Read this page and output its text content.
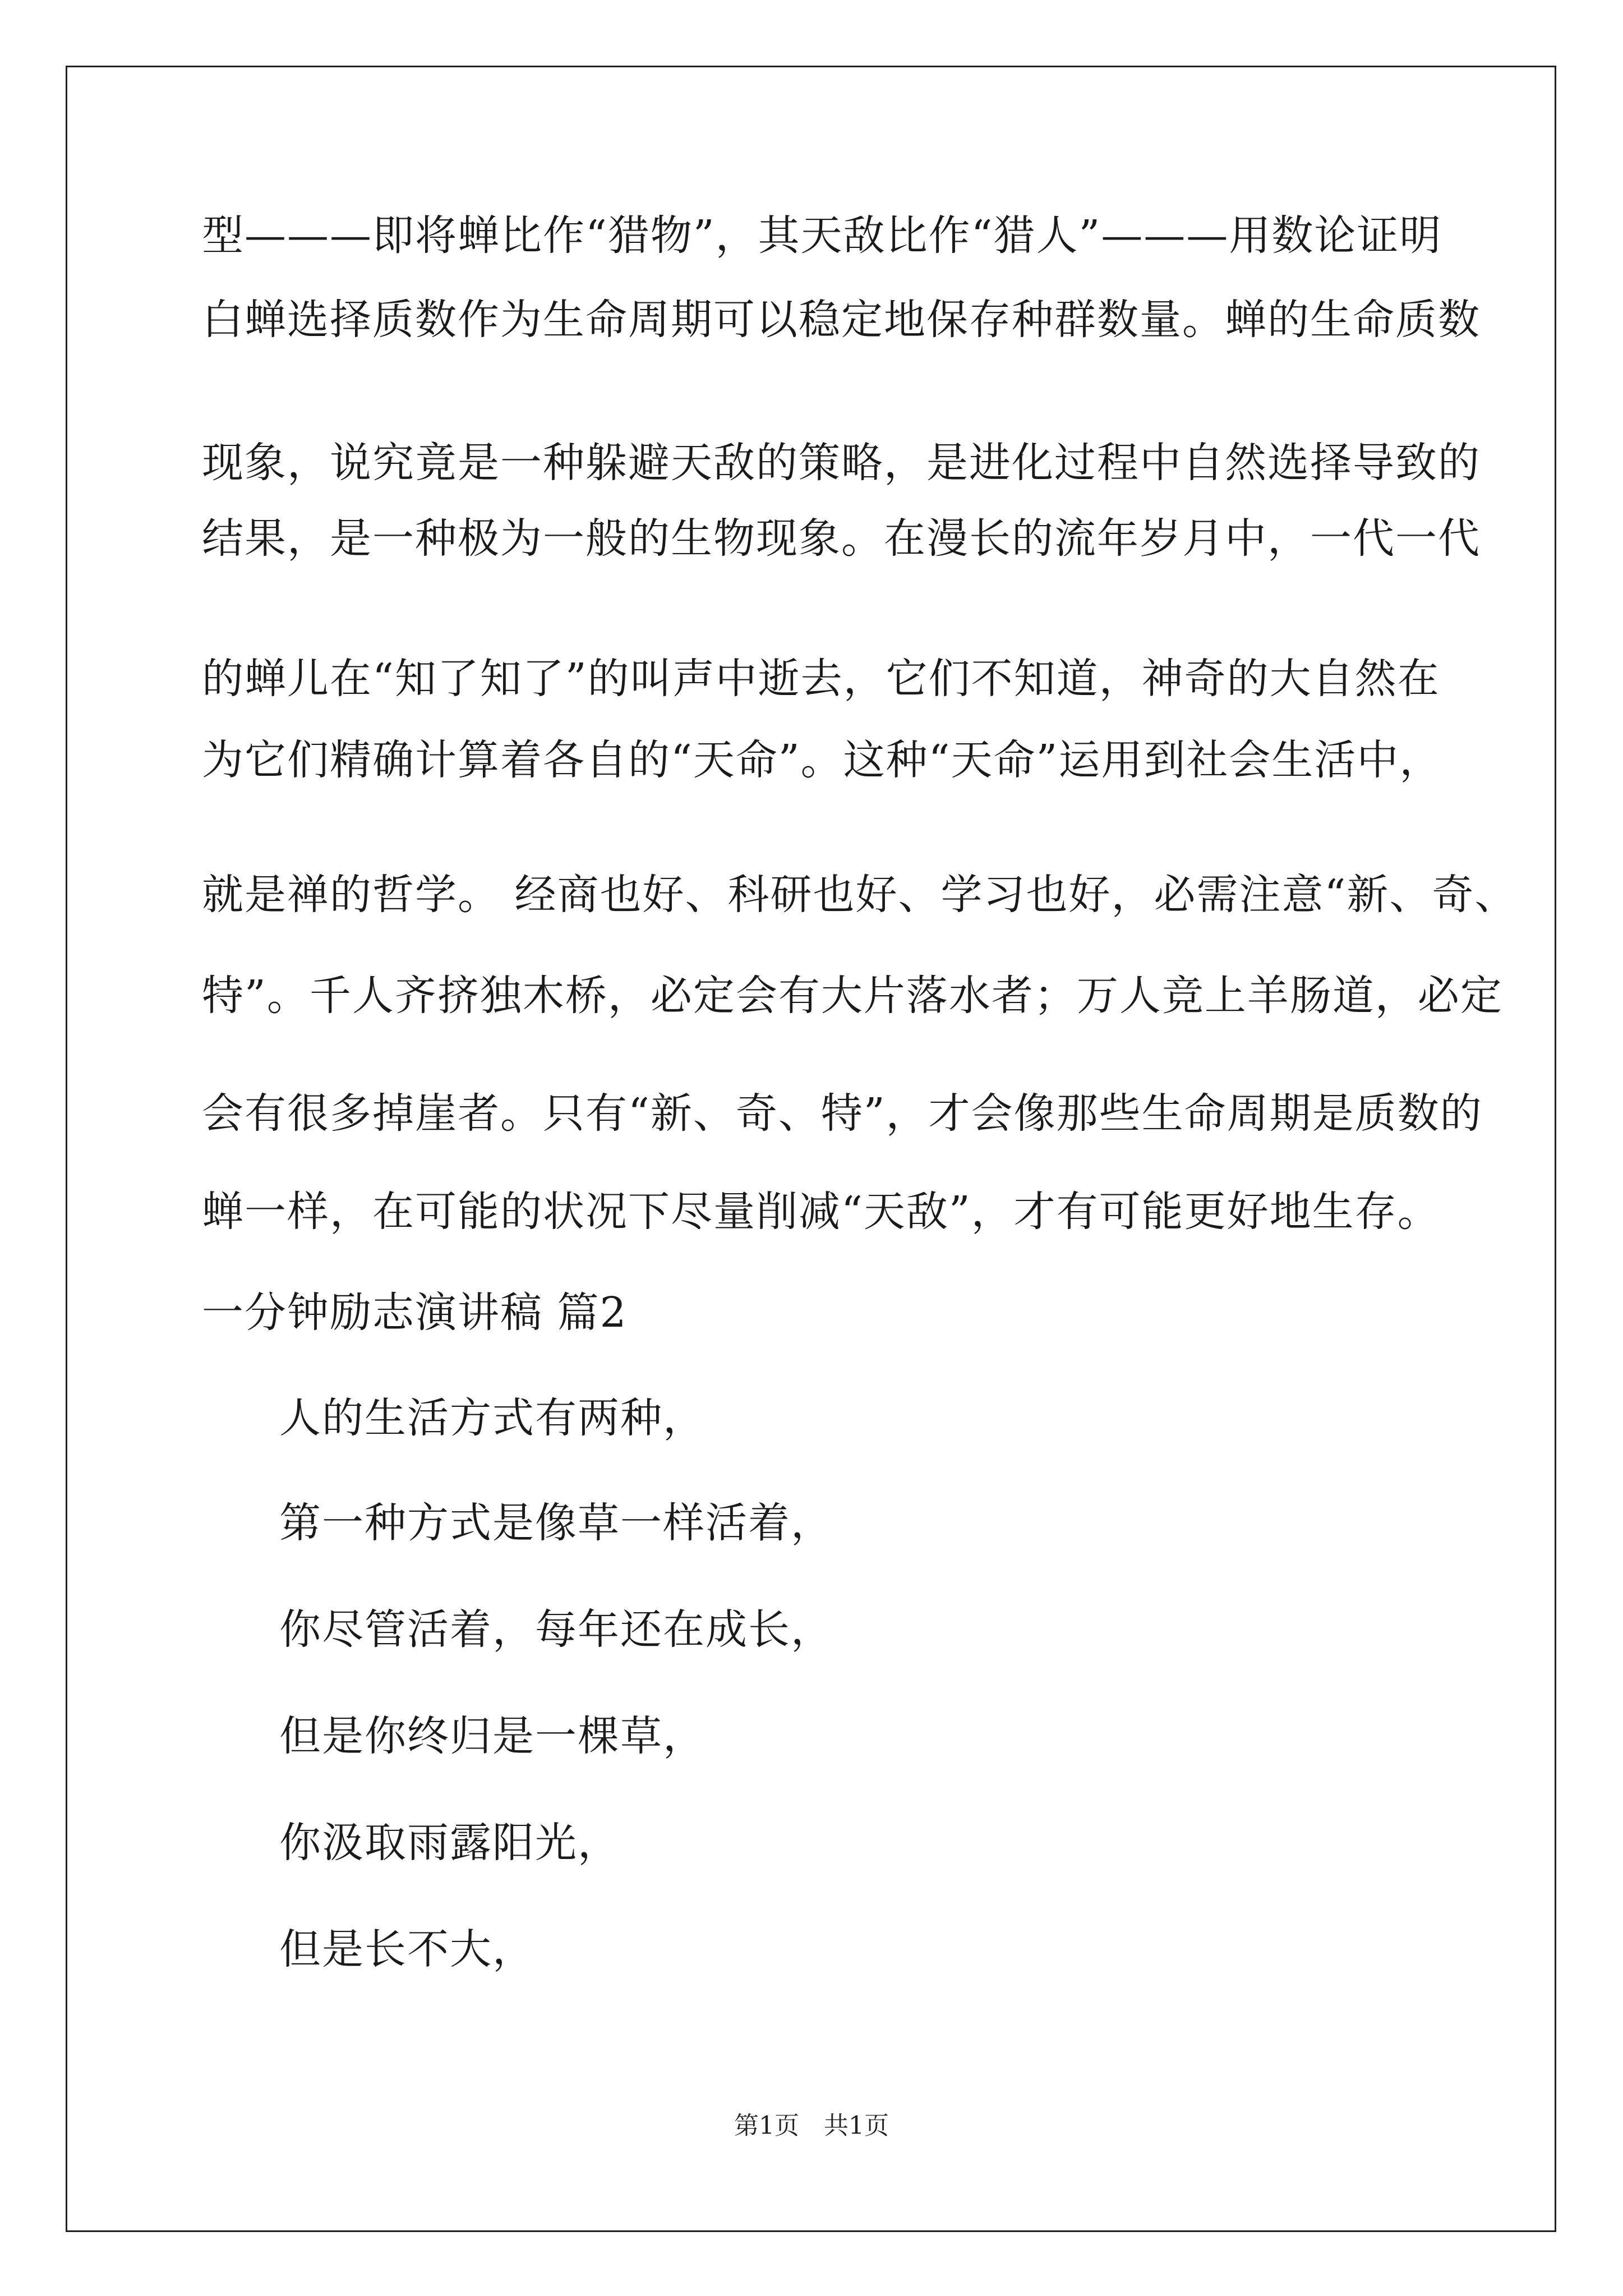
型———即将蝉比作“猎物”，其天敌比作“猎人”———用数论证明
白蝉选择质数作为生命周期可以稳定地保存种群数量。蝉的生命质数
现象，说究竟是一种躲避天敌的策略，是进化过程中自然选择导致的
结果，是一种极为一般的生物现象。在漫长的流年岁月中，一代一代
的蝉儿在“知了知了”的叫声中逝去，它们不知道，神奇的大自然在
为它们精确计算着各自的“天命”。这种“天命”运用到社会生活中，
就是禅的哲学。 经商也好、科研也好、学习也好，必需注意“新、奇、
特”。千人齐挤独木桥，必定会有大片落水者；万人竞上羊肠道，必定
会有很多掉崖者。只有“新、奇、特”，才会像那些生命周期是质数的
蝉一样，在可能的状况下尽量削减“天敌”，才有可能更好地生存。
一分钟励志演讲稿 篇2
人的生活方式有两种，
第一种方式是像草一样活着，
你尽管活着，每年还在成长，
但是你终归是一棵草，
你汲取雨露阳光，
但是长不大，
第1页　共1页
